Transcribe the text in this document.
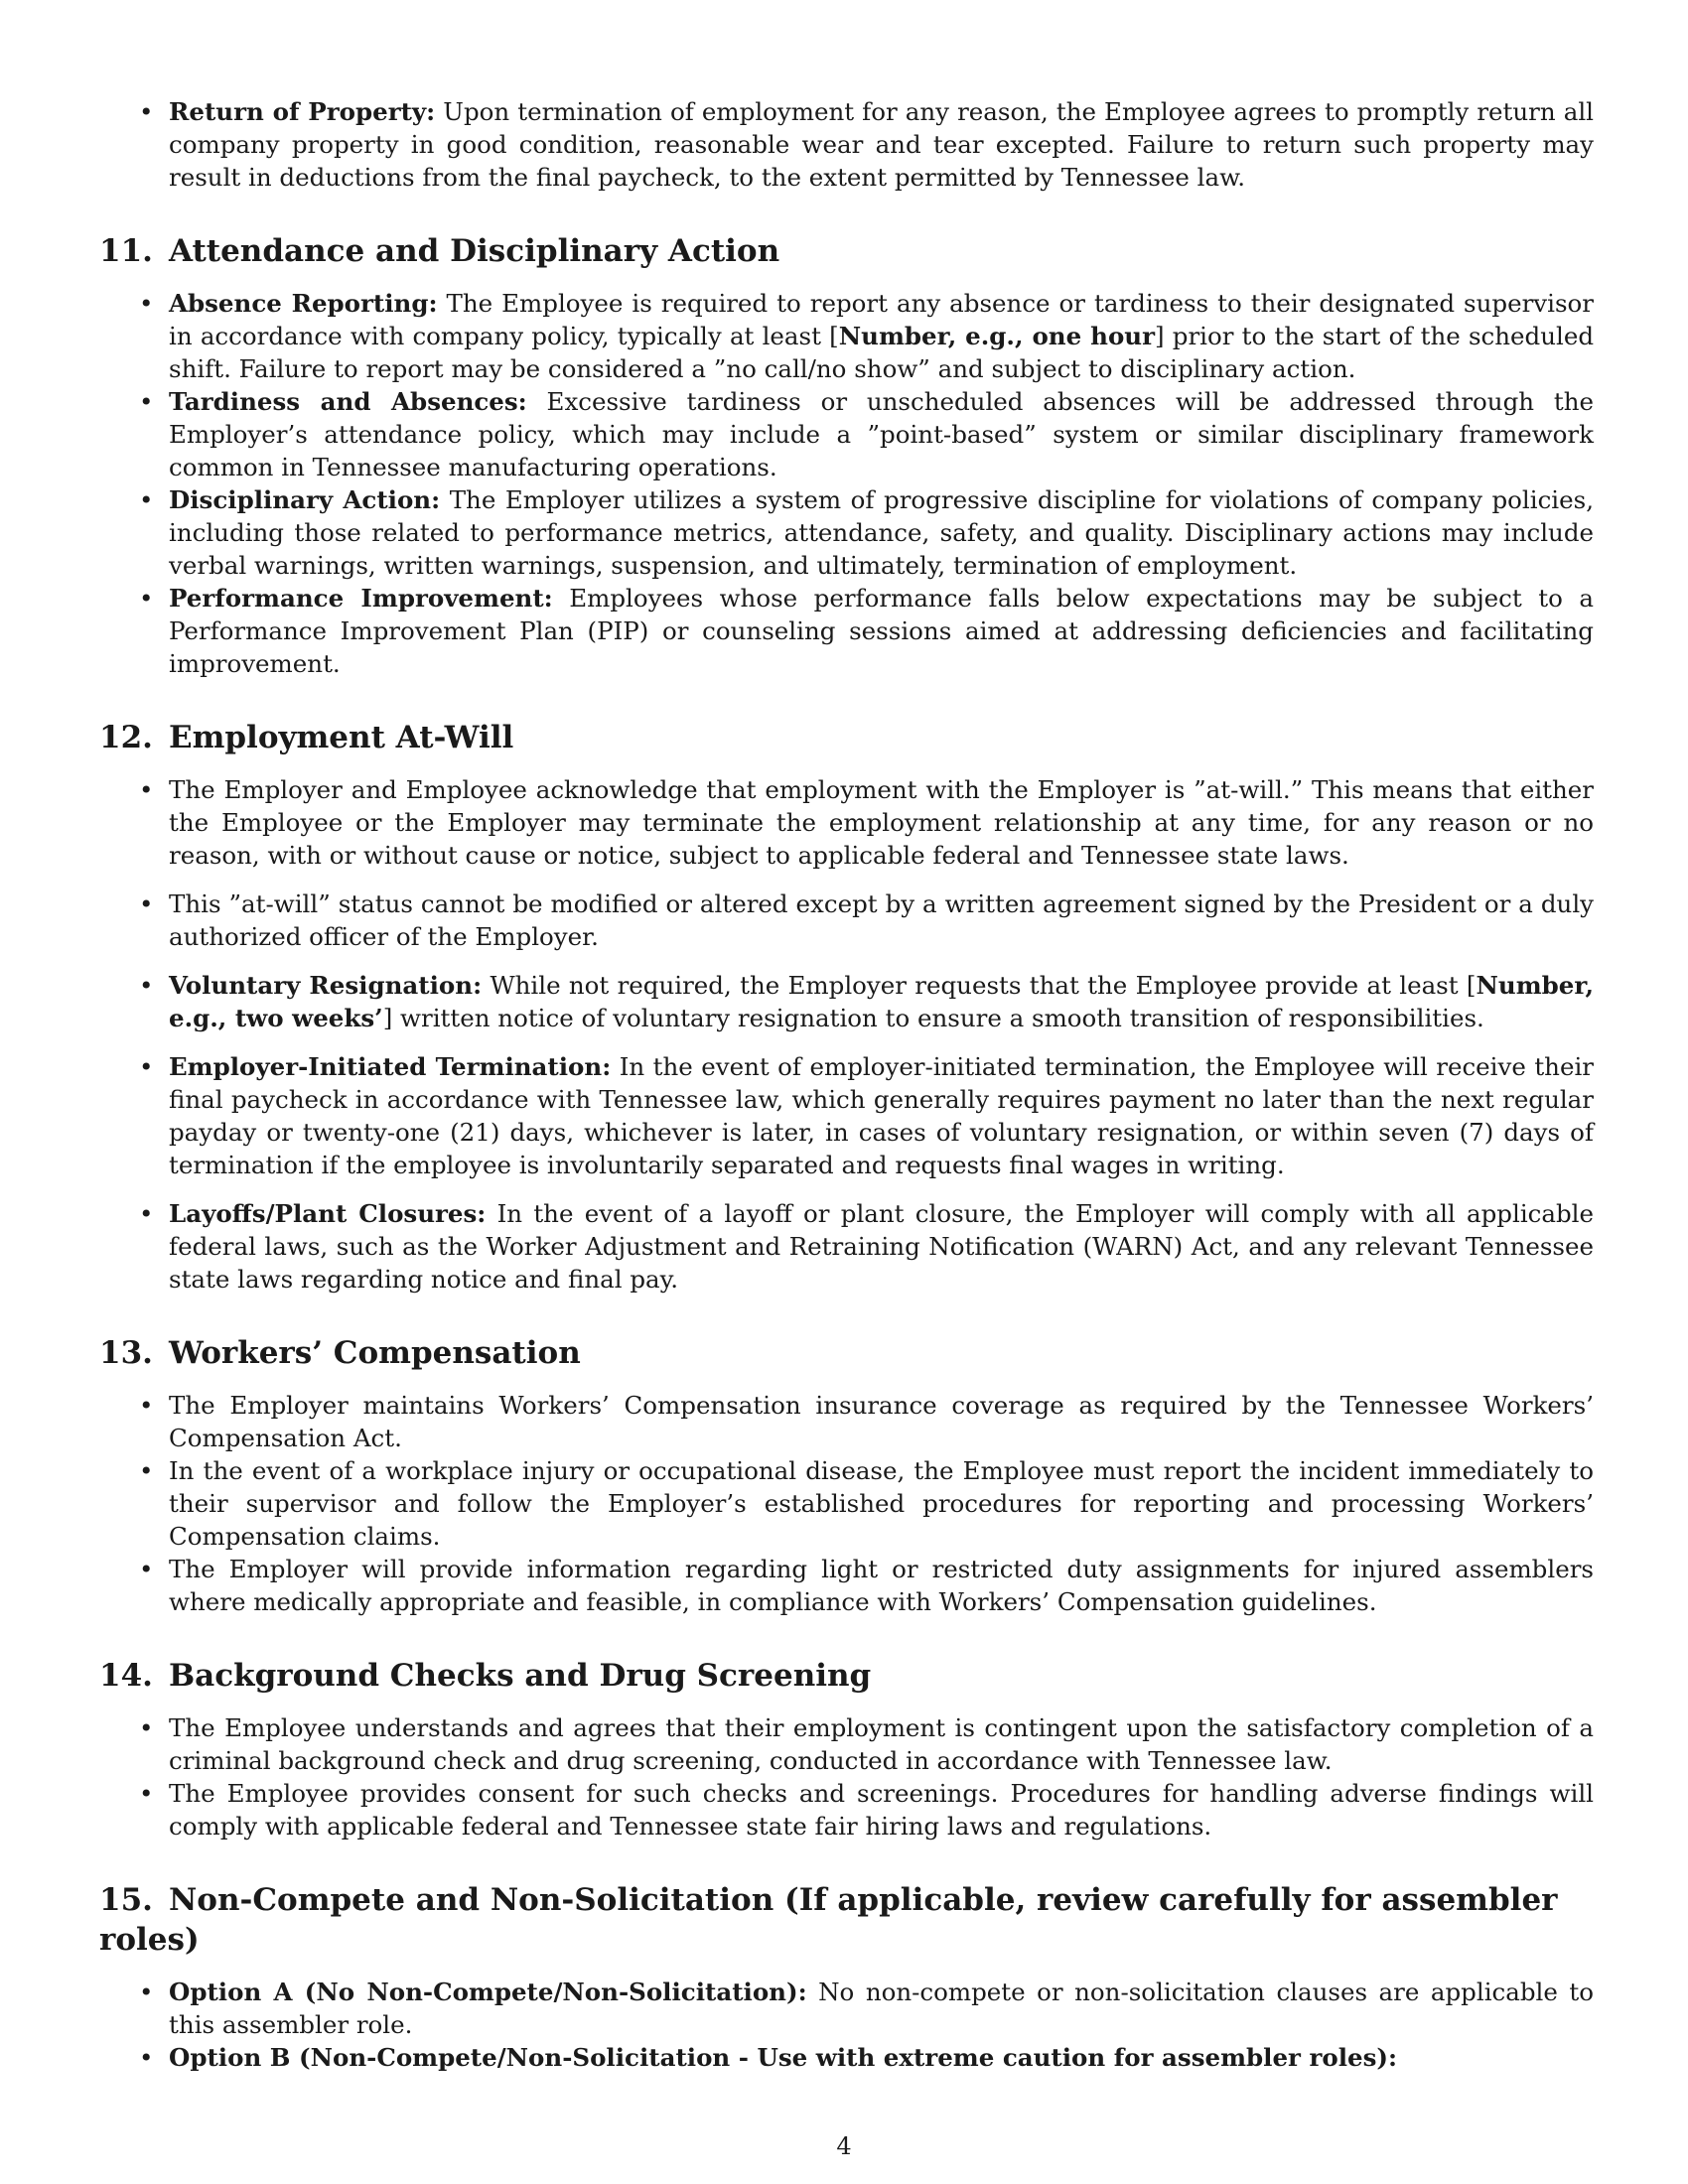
• Return of Property: Upon termination of employment for any reason, the Employee agrees to promptly return all company property in good condition, reasonable wear and tear excepted. Failure to return such property may result in deductions from the final paycheck, to the extent permitted by Tennessee law.
11. Attendance and Disciplinary Action
• Absence Reporting: The Employee is required to report any absence or tardiness to their designated supervisor in accordance with company policy, typically at least [Number, e.g., one hour] prior to the start of the scheduled shift. Failure to report may be considered a ”no call/no show” and subject to disciplinary action.
• Tardiness and Absences: Excessive tardiness or unscheduled absences will be addressed through the Employer’s attendance policy, which may include a ”point-based” system or similar disciplinary framework common in Tennessee manufacturing operations.
• Disciplinary Action: The Employer utilizes a system of progressive discipline for violations of company policies, including those related to performance metrics, attendance, safety, and quality. Disciplinary actions may include verbal warnings, written warnings, suspension, and ultimately, termination of employment.
• Performance Improvement: Employees whose performance falls below expectations may be subject to a Performance Improvement Plan (PIP) or counseling sessions aimed at addressing deficiencies and facilitating improvement.
12. Employment At-Will
• The Employer and Employee acknowledge that employment with the Employer is ”at-will.” This means that either the Employee or the Employer may terminate the employment relationship at any time, for any reason or no reason, with or without cause or notice, subject to applicable federal and Tennessee state laws.
• This ”at-will” status cannot be modified or altered except by a written agreement signed by the President or a duly authorized officer of the Employer.
• Voluntary Resignation: While not required, the Employer requests that the Employee provide at least [Number, e.g., two weeks’] written notice of voluntary resignation to ensure a smooth transition of responsibilities.
• Employer-Initiated Termination: In the event of employer-initiated termination, the Employee will receive their final paycheck in accordance with Tennessee law, which generally requires payment no later than the next regular payday or twenty-one (21) days, whichever is later, in cases of voluntary resignation, or within seven (7) days of termination if the employee is involuntarily separated and requests final wages in writing.
• Layoffs/Plant Closures: In the event of a layoff or plant closure, the Employer will comply with all applicable federal laws, such as the Worker Adjustment and Retraining Notification (WARN) Act, and any relevant Tennessee state laws regarding notice and final pay.
13. Workers’ Compensation
• The Employer maintains Workers’ Compensation insurance coverage as required by the Tennessee Workers’ Compensation Act.
• In the event of a workplace injury or occupational disease, the Employee must report the incident immediately to their supervisor and follow the Employer’s established procedures for reporting and processing Workers’ Compensation claims.
• The Employer will provide information regarding light or restricted duty assignments for injured assemblers where medically appropriate and feasible, in compliance with Workers’ Compensation guidelines.
14. Background Checks and Drug Screening
• The Employee understands and agrees that their employment is contingent upon the satisfactory completion of a criminal background check and drug screening, conducted in accordance with Tennessee law.
• The Employee provides consent for such checks and screenings. Procedures for handling adverse findings will comply with applicable federal and Tennessee state fair hiring laws and regulations.
15. Non-Compete and Non-Solicitation (If applicable, review carefully for assembler roles)
• Option A (No Non-Compete/Non-Solicitation): No non-compete or non-solicitation clauses are applicable to this assembler role.
• Option B (Non-Compete/Non-Solicitation - Use with extreme caution for assembler roles):
4
